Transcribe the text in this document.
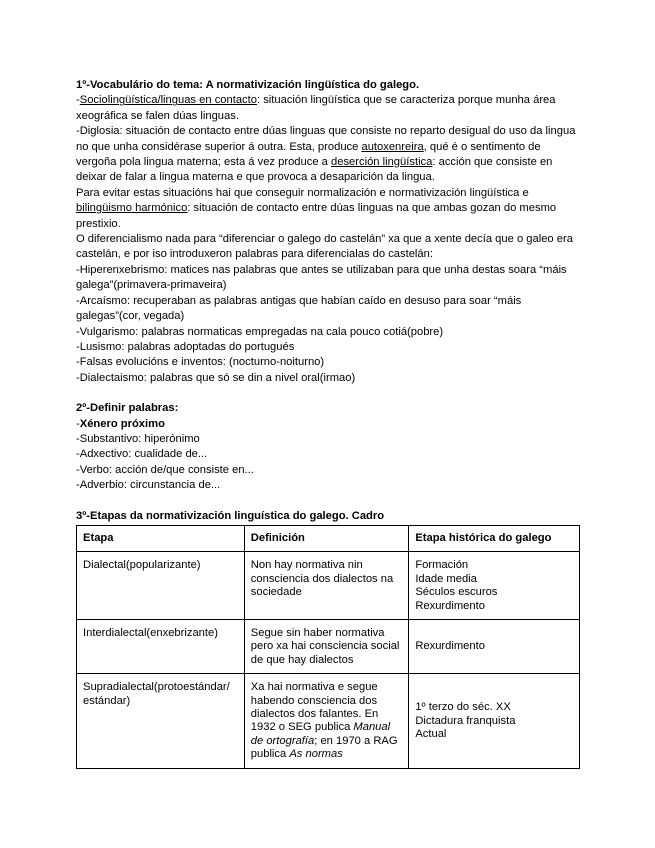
1º-Vocabulário do tema: A normativización lingüística do galego.

-Sociolingüística/linguas en contacto: situación lingüística que se caracteriza porque munha área xeográfica se falen dúas linguas.

-Diglosia: situación de contacto entre dúas linguas que consiste no reparto desigual do uso da lingua no que unha considérase superior á outra. Esta, produce autoxenreira, qué é o sentimento de vergoña pola lingua materna; esta á vez produce a deserción lingüística: acción que consiste en deixar de falar a lingua materna e que provoca a desaparición da lingua.

Para evitar estas situacións hai que conseguir normalización e normativización lingüística e bilingüismo harmónico: situación de contacto entre dúas linguas na que ambas gozan do mesmo prestixio.

O diferencialismo nada para “diferenciar o galego do castelán” xa que a xente decía que o galeo era castelán, e por iso introduxeron palabras para diferencialas do castelán:

-Hiperenxebrismo: matices nas palabras que antes se utilizaban para que unha destas soara “máis galega”(primavera-primaveira)

-Arcaísmo: recuperaban as palabras antigas que habían caído en desuso para soar “máis galegas”(cor, vegada)

-Vulgarismo: palabras normaticas empregadas na cala pouco cotiá(pobre)

-Lusismo: palabras adoptadas do portugués

-Falsas evolucións e inventos: (nocturno-noiturno)

-Dialectaismo: palabras que só se din a nivel oral(irmao)

2º-Definir palabras:

-Xénero próximo

-Substantivo: hiperónimo

-Adxectivo: cualidade de...

-Verbo: acción de/que consiste en...

-Adverbio: circunstancia de...

3º-Etapas da normativización linguística do galego. Cadro

Etapa	Definición	Etapa histórica do galego
Dialectal(popularizante)	Non hay normativa nin consciencia dos dialectos na sociedade	Formación
Idade media
Séculos escuros
Rexurdimento

Interdialectal(enxebrizante)	Segue sin haber normativa pero xa hai consciencia social de que hay dialectos	Rexurdimento

Supradialectal(protoestándar/ estándar)	Xa hai normativa e segue habendo consciencia dos dialectos dos falantes. En 1932 o SEG publica Manual de ortografía; en 1970 a RAG publica As normas	1º terzo do séc. XX
Dictadura franquista
Actual
